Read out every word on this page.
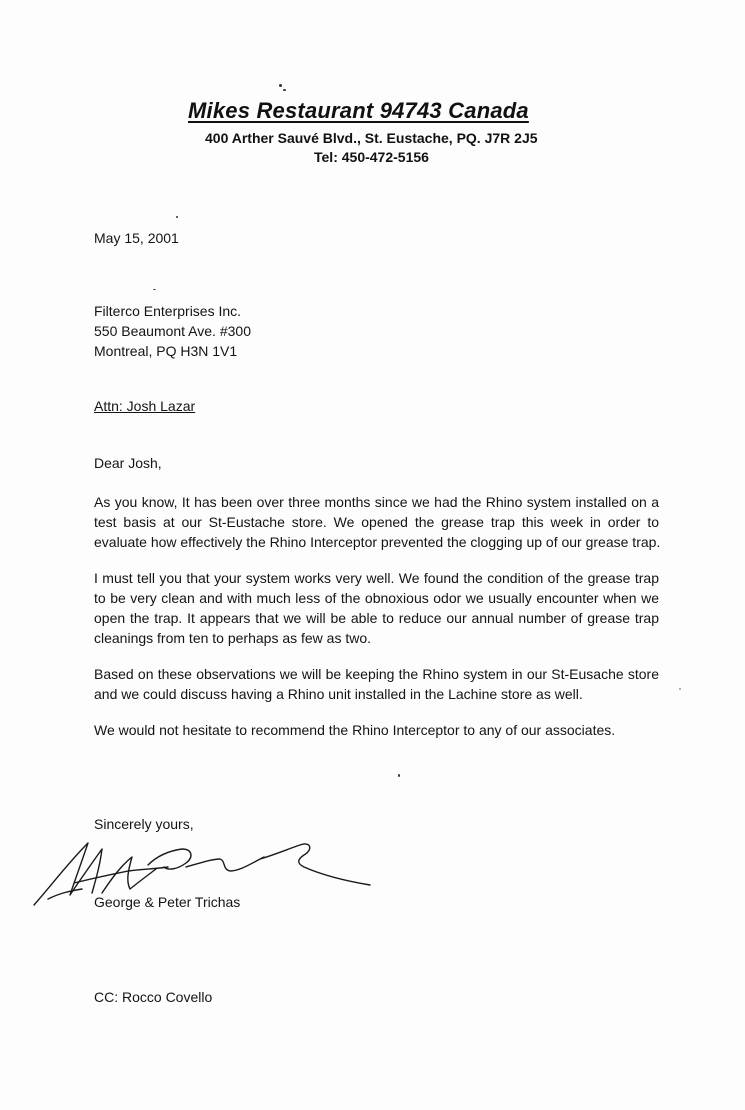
Mikes Restaurant 94743 Canada
400 Arther Sauvé Blvd., St. Eustache, PQ. J7R 2J5
Tel: 450-472-5156
May 15, 2001
Filterco Enterprises Inc.
550 Beaumont Ave. #300
Montreal, PQ H3N 1V1
Attn: Josh Lazar
Dear Josh,
As you know, It has been over three months since we had the Rhino system installed on a
test basis at our St-Eustache store. We opened the grease trap this week in order to
evaluate how effectively the Rhino Interceptor prevented the clogging up of our grease trap.
I must tell you that your system works very well. We found the condition of the grease trap
to be very clean and with much less of the obnoxious odor we usually encounter when we
open the trap. It appears that we will be able to reduce our annual number of grease trap
cleanings from ten to perhaps as few as two.
Based on these observations we will be keeping the Rhino system in our St-Eusache store
and we could discuss having a Rhino unit installed in the Lachine store as well.
We would not hesitate to recommend the Rhino Interceptor to any of our associates.
Sincerely yours,
George & Peter Trichas
CC: Rocco Covello
